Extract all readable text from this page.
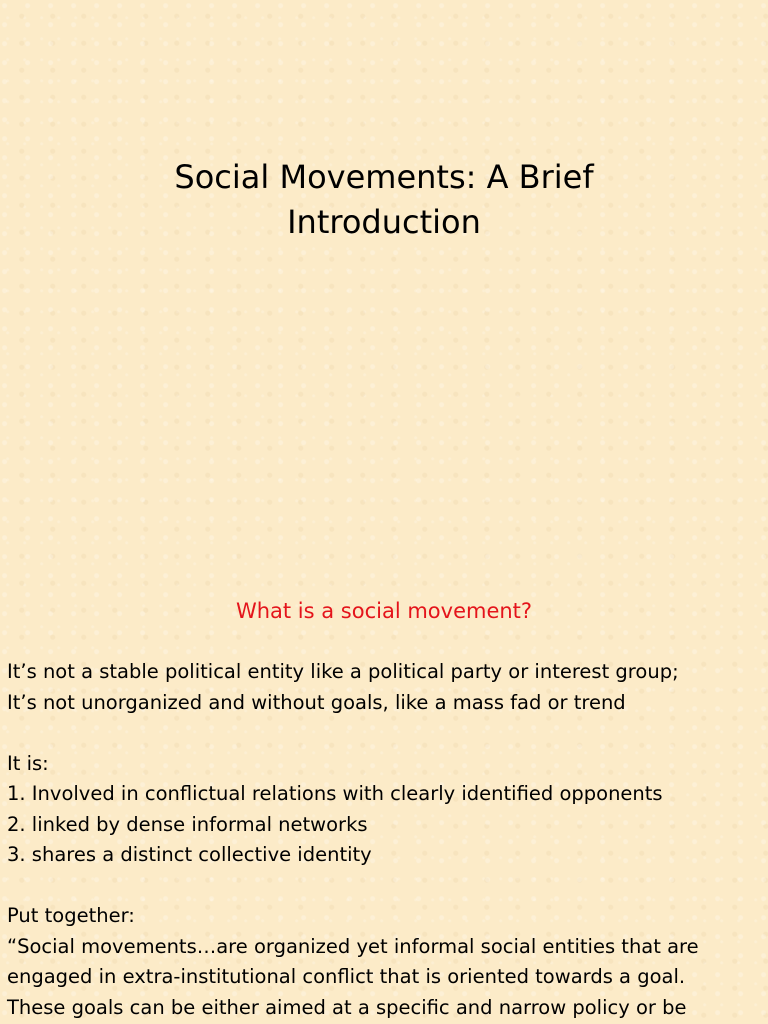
Social Movements: A Brief
Introduction
What is a social movement?
It’s not a stable political entity like a political party or interest group;
It’s not unorganized and without goals, like a mass fad or trend
It is:
1. Involved in conflictual relations with clearly identified opponents
2. linked by dense informal networks
3. shares a distinct collective identity
Put together:
“Social movements…are organized yet informal social entities that are
engaged in extra-institutional conflict that is oriented towards a goal.
These goals can be either aimed at a specific and narrow policy or be
